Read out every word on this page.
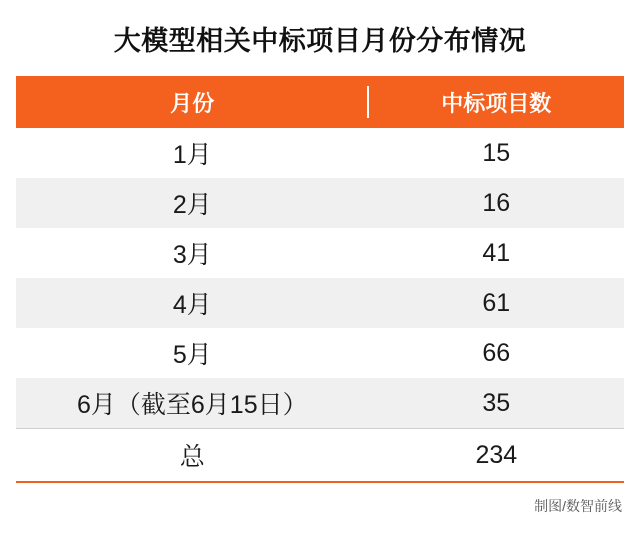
大模型相关中标项目月份分布情况
月份	中标项目数
1月	15
2月	16
3月	41
4月	61
5月	66
6月（截至6月15日）	35
总	234
制图/数智前线
